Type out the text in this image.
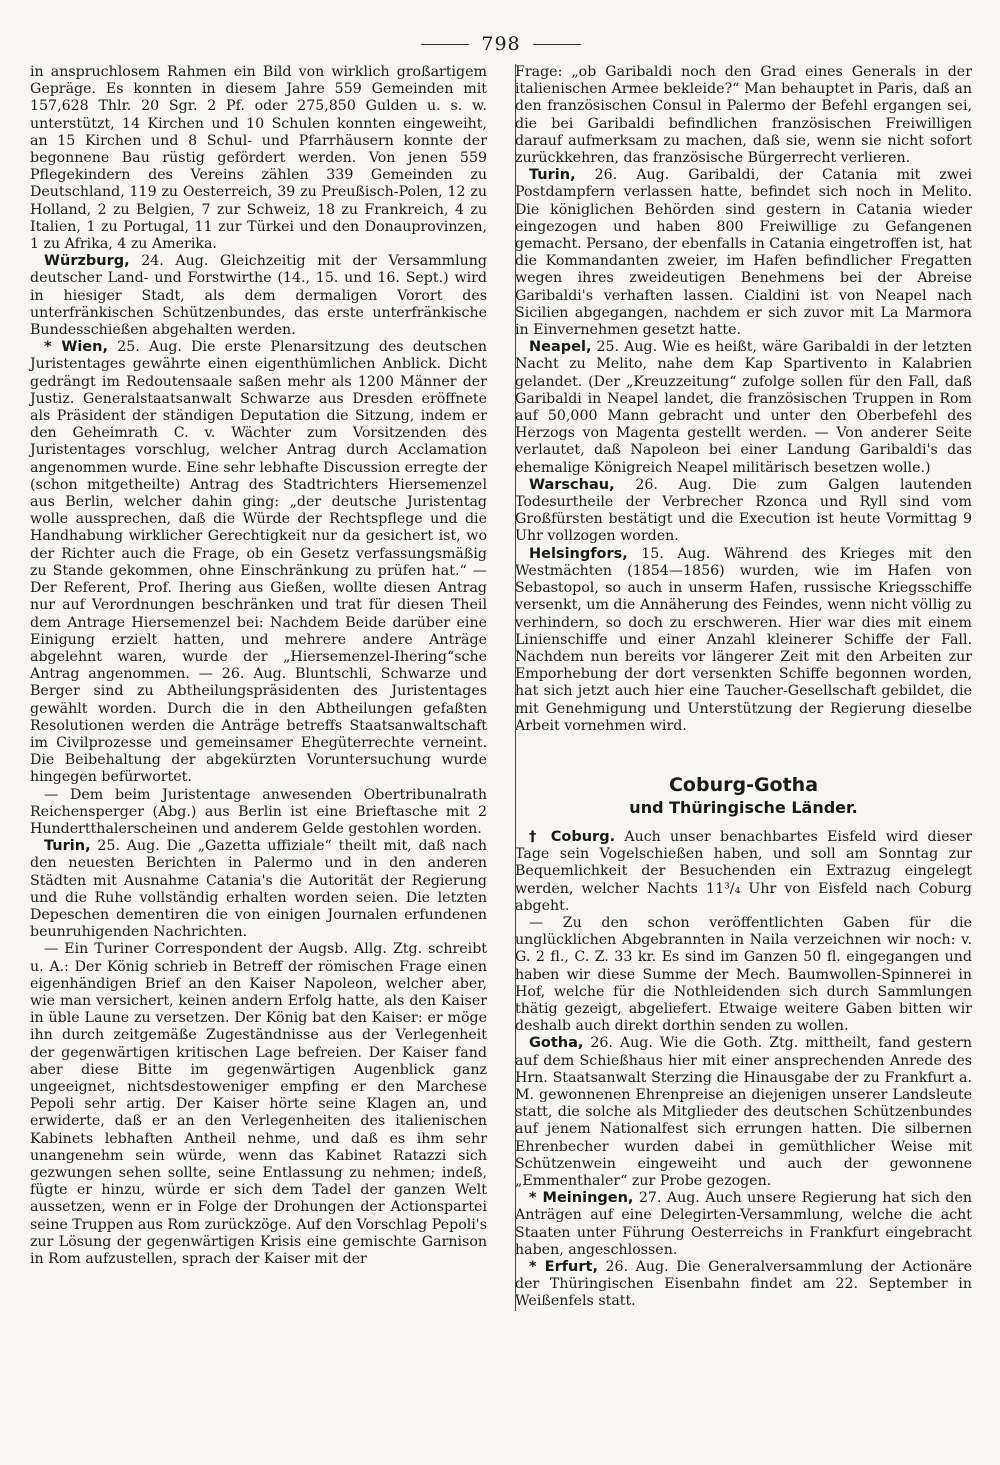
798

in anspruchlosem Rahmen ein Bild von wirklich großartigem Gepräge. Es konnten in diesem Jahre 559 Gemeinden mit 157,628 Thlr. 20 Sgr. 2 Pf. oder 275,850 Gulden u. s. w. unterstützt, 14 Kirchen und 10 Schulen konnten eingeweiht, an 15 Kirchen und 8 Schul- und Pfarrhäusern konnte der begonnene Bau rüstig gefördert werden. Von jenen 559 Pflegekindern des Vereins zählen 339 Gemeinden zu Deutschland, 119 zu Oesterreich, 39 zu Preußisch-Polen, 12 zu Holland, 2 zu Belgien, 7 zur Schweiz, 18 zu Frankreich, 4 zu Italien, 1 zu Portugal, 11 zur Türkei und den Donauprovinzen, 1 zu Afrika, 4 zu Amerika.

Würzburg, 24. Aug. Gleichzeitig mit der Versammlung deutscher Land- und Forstwirthe (14., 15. und 16. Sept.) wird in hiesiger Stadt, als dem dermaligen Vorort des unterfränkischen Schützenbundes, das erste unterfränkische Bundesschießen abgehalten werden.

* Wien, 25. Aug. Die erste Plenarsitzung des deutschen Juristentages gewährte einen eigenthümlichen Anblick. Dicht gedrängt im Redoutensaale saßen mehr als 1200 Männer der Justiz. Generalstaatsanwalt Schwarze aus Dresden eröffnete als Präsident der ständigen Deputation die Sitzung, indem er den Geheimrath C. v. Wächter zum Vorsitzenden des Juristentages vorschlug, welcher Antrag durch Acclamation angenommen wurde. Eine sehr lebhafte Discussion erregte der (schon mitgetheilte) Antrag des Stadtrichters Hiersemenzel aus Berlin, welcher dahin ging: „der deutsche Juristentag wolle aussprechen, daß die Würde der Rechtspflege und die Handhabung wirklicher Gerechtigkeit nur da gesichert ist, wo der Richter auch die Frage, ob ein Gesetz verfassungsmäßig zu Stande gekommen, ohne Einschränkung zu prüfen hat.“ — Der Referent, Prof. Ihering aus Gießen, wollte diesen Antrag nur auf Verordnungen beschränken und trat für diesen Theil dem Antrage Hiersemenzel bei: Nachdem Beide darüber eine Einigung erzielt hatten, und mehrere andere Anträge abgelehnt waren, wurde der „Hiersemenzel-Ihering“sche Antrag angenommen. — 26. Aug. Bluntschli, Schwarze und Berger sind zu Abtheilungspräsidenten des Juristentages gewählt worden. Durch die in den Abtheilungen gefaßten Resolutionen werden die Anträge betreffs Staatsanwaltschaft im Civilprozesse und gemeinsamer Ehegüterrechte verneint. Die Beibehaltung der abgekürzten Voruntersuchung wurde hingegen befürwortet.

— Dem beim Juristentage anwesenden Obertribunalrath Reichensperger (Abg.) aus Berlin ist eine Brieftasche mit 2 Hundertthalerscheinen und anderem Gelde gestohlen worden.

Turin, 25. Aug. Die „Gazetta uffiziale“ theilt mit, daß nach den neuesten Berichten in Palermo und in den anderen Städten mit Ausnahme Catania's die Autorität der Regierung und die Ruhe vollständig erhalten worden seien. Die letzten Depeschen dementiren die von einigen Journalen erfundenen beunruhigenden Nachrichten.

— Ein Turiner Correspondent der Augsb. Allg. Ztg. schreibt u. A.: Der König schrieb in Betreff der römischen Frage einen eigenhändigen Brief an den Kaiser Napoleon, welcher aber, wie man versichert, keinen andern Erfolg hatte, als den Kaiser in üble Laune zu versetzen. Der König bat den Kaiser: er möge ihn durch zeitgemäße Zugeständnisse aus der Verlegenheit der gegenwärtigen kritischen Lage befreien. Der Kaiser fand aber diese Bitte im gegenwärtigen Augenblick ganz ungeeignet, nichtsdestoweniger empfing er den Marchese Pepoli sehr artig. Der Kaiser hörte seine Klagen an, und erwiderte, daß er an den Verlegenheiten des italienischen Kabinets lebhaften Antheil nehme, und daß es ihm sehr unangenehm sein würde, wenn das Kabinet Ratazzi sich gezwungen sehen sollte, seine Entlassung zu nehmen; indeß, fügte er hinzu, würde er sich dem Tadel der ganzen Welt aussetzen, wenn er in Folge der Drohungen der Actionspartei seine Truppen aus Rom zurückzöge. Auf den Vorschlag Pepoli's zur Lösung der gegenwärtigen Krisis eine gemischte Garnison in Rom aufzustellen, sprach der Kaiser mit der

Frage: „ob Garibaldi noch den Grad eines Generals in der italienischen Armee bekleide?“ Man behauptet in Paris, daß an den französischen Consul in Palermo der Befehl ergangen sei, die bei Garibaldi befindlichen französischen Freiwilligen darauf aufmerksam zu machen, daß sie, wenn sie nicht sofort zurückkehren, das französische Bürgerrecht verlieren.

Turin, 26. Aug. Garibaldi, der Catania mit zwei Postdampfern verlassen hatte, befindet sich noch in Melito. Die königlichen Behörden sind gestern in Catania wieder eingezogen und haben 800 Freiwillige zu Gefangenen gemacht. Persano, der ebenfalls in Catania eingetroffen ist, hat die Kommandanten zweier, im Hafen befindlicher Fregatten wegen ihres zweideutigen Benehmens bei der Abreise Garibaldi's verhaften lassen. Cialdini ist von Neapel nach Sicilien abgegangen, nachdem er sich zuvor mit La Marmora in Einvernehmen gesetzt hatte.

Neapel, 25. Aug. Wie es heißt, wäre Garibaldi in der letzten Nacht zu Melito, nahe dem Kap Spartivento in Kalabrien gelandet. (Der „Kreuzzeitung“ zufolge sollen für den Fall, daß Garibaldi in Neapel landet, die französischen Truppen in Rom auf 50,000 Mann gebracht und unter den Oberbefehl des Herzogs von Magenta gestellt werden. — Von anderer Seite verlautet, daß Napoleon bei einer Landung Garibaldi's das ehemalige Königreich Neapel militärisch besetzen wolle.)

Warschau, 26. Aug. Die zum Galgen lautenden Todesurtheile der Verbrecher Rzonca und Ryll sind vom Großfürsten bestätigt und die Execution ist heute Vormittag 9 Uhr vollzogen worden.

Helsingfors, 15. Aug. Während des Krieges mit den Westmächten (1854—1856) wurden, wie im Hafen von Sebastopol, so auch in unserm Hafen, russische Kriegsschiffe versenkt, um die Annäherung des Feindes, wenn nicht völlig zu verhindern, so doch zu erschweren. Hier war dies mit einem Linienschiffe und einer Anzahl kleinerer Schiffe der Fall. Nachdem nun bereits vor längerer Zeit mit den Arbeiten zur Emporhebung der dort versenkten Schiffe begonnen worden, hat sich jetzt auch hier eine Taucher-Gesellschaft gebildet, die mit Genehmigung und Unterstützung der Regierung dieselbe Arbeit vornehmen wird.

Coburg-Gotha
und Thüringische Länder.

† Coburg. Auch unser benachbartes Eisfeld wird dieser Tage sein Vogelschießen haben, und soll am Sonntag zur Bequemlichkeit der Besuchenden ein Extrazug eingelegt werden, welcher Nachts 11³/₄ Uhr von Eisfeld nach Coburg abgeht.

— Zu den schon veröffentlichten Gaben für die unglücklichen Abgebrannten in Naila verzeichnen wir noch: v. G. 2 fl., C. Z. 33 kr. Es sind im Ganzen 50 fl. eingegangen und haben wir diese Summe der Mech. Baumwollen-Spinnerei in Hof, welche für die Nothleidenden sich durch Sammlungen thätig gezeigt, abgeliefert. Etwaige weitere Gaben bitten wir deshalb auch direkt dorthin senden zu wollen.

Gotha, 26. Aug. Wie die Goth. Ztg. mittheilt, fand gestern auf dem Schießhaus hier mit einer ansprechenden Anrede des Hrn. Staatsanwalt Sterzing die Hinausgabe der zu Frankfurt a. M. gewonnenen Ehrenpreise an diejenigen unserer Landsleute statt, die solche als Mitglieder des deutschen Schützenbundes auf jenem Nationalfest sich errungen hatten. Die silbernen Ehrenbecher wurden dabei in gemüthlicher Weise mit Schützenwein eingeweiht und auch der gewonnene „Emmenthaler“ zur Probe gezogen.

* Meiningen, 27. Aug. Auch unsere Regierung hat sich den Anträgen auf eine Delegirten-Versammlung, welche die acht Staaten unter Führung Oesterreichs in Frankfurt eingebracht haben, angeschlossen.

* Erfurt, 26. Aug. Die Generalversammlung der Actionäre der Thüringischen Eisenbahn findet am 22. September in Weißenfels statt.
